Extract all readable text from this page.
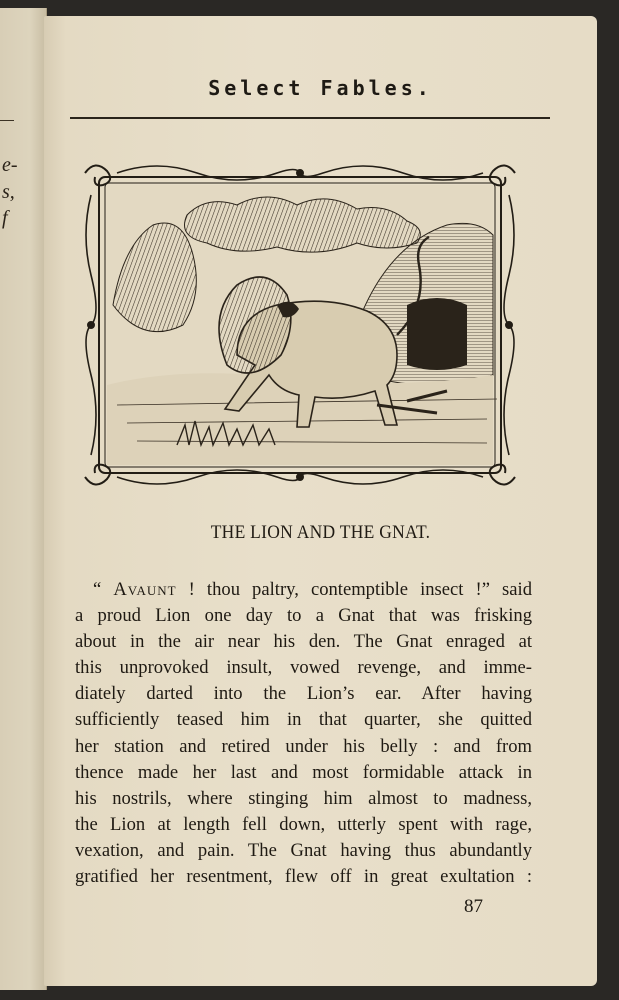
e-
s,
f
Select Fables.
THE LION AND THE GNAT.
“ Avaunt ! thou paltry, contemptible insect !” said
a proud Lion one day to a Gnat that was frisking
about in the air near his den. The Gnat enraged at
this unprovoked insult, vowed revenge, and imme-
diately darted into the Lion’s ear. After having
sufficiently teased him in that quarter, she quitted
her station and retired under his belly : and from
thence made her last and most formidable attack in
his nostrils, where stinging him almost to madness,
the Lion at length fell down, utterly spent with rage,
vexation, and pain. The Gnat having thus abundantly
gratified her resentment, flew off in great exultation :
87
